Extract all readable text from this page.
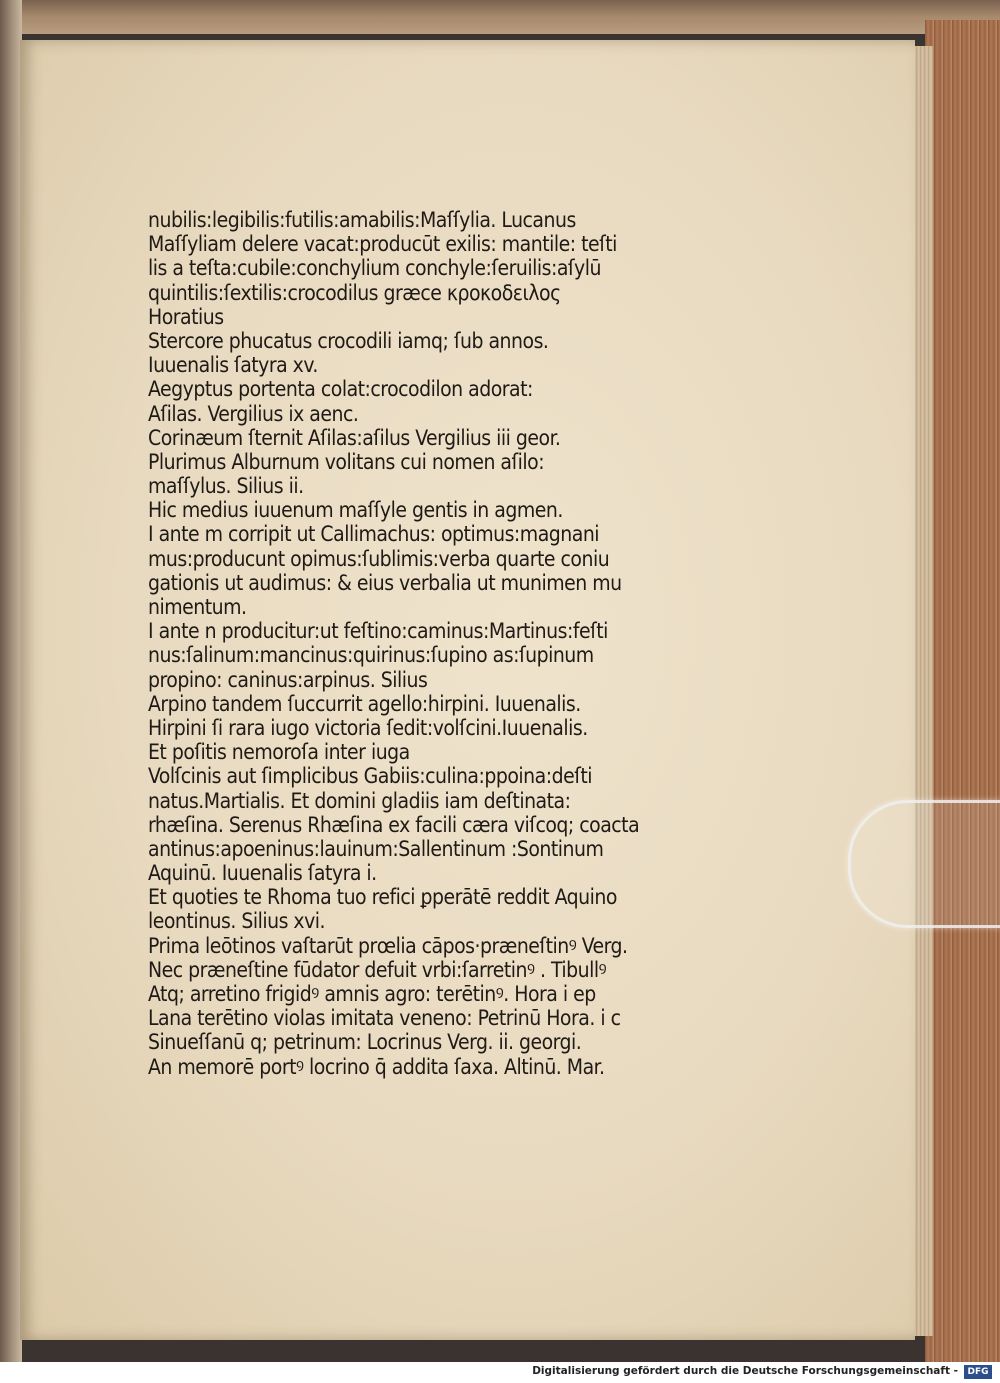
nubilis:legibilis:futilis:amabilis:Maſſylia. Lucanus
Maſſyliam delere vacat:producūt exilis: mantile: teſti
lis a teſta:cubile:conchylium conchyle:ſeruilis:aſylū
quintilis:ſextilis:crocodilus græce κροκοδειλος
Horatius
Stercore phucatus crocodili iamq; ſub annos.
Iuuenalis ſatyra xv.
Aegyptus portenta colat:crocodilon adorat:
Aſilas. Vergilius ix aenc.
Corinæum ſternit Aſilas:aſilus Vergilius iii geor.
Plurimus Alburnum volitans cui nomen aſilo:
maſſylus. Silius ii.
Hic medius iuuenum maſſyle gentis in agmen.
I ante m corripit ut Callimachus: optimus:magnani
mus:producunt opimus:ſublimis:verba quarte coniu
gationis ut audimus: & eius verbalia ut munimen mu
nimentum.
I ante n producitur:ut feſtino:caminus:Martinus:feſti
nus:ſalinum:mancinus:quirinus:ſupino as:ſupinum
propino: caninus:arpinus. Silius
Arpino tandem ſuccurrit agello:hirpini. Iuuenalis.
Hirpini ſi rara iugo victoria ſedit:volſcini.Iuuenalis.
Et poſitis nemoroſa inter iuga
Volſcinis aut ſimplicibus Gabiis:culina:ppoina:deſti
natus.Martialis. Et domini gladiis iam deſtinata:
rhæſina. Serenus Rhæſina ex facili cæra viſcoq; coacta
antinus:apoeninus:lauinum:Sallentinum :Sontinum
Aquinū. Iuuenalis ſatyra i.
Et quoties te Rhoma tuo refici ꝑperātē reddit Aquino
leontinus. Silius xvi.
Prima leōtinos vaſtarūt prœlia cāpos·præneſtinꝰ Verg.
Nec præneſtine fūdator defuit vrbi:ſarretinꝰ . Tibullꝰ
Atq; arretino frigidꝰ amnis agro: terētinꝰ. Hora i ep
Lana terētino violas imitata veneno: Petrinū Hora. i c
Sinueſſanū q; petrinum: Locrinus Verg. ii. georgi.
An memorē portꝰ locrino q̄ addita ſaxa. Altinū. Mar.
Digitalisierung gefördert durch die Deutsche Forschungsgemeinschaft -	DFG
